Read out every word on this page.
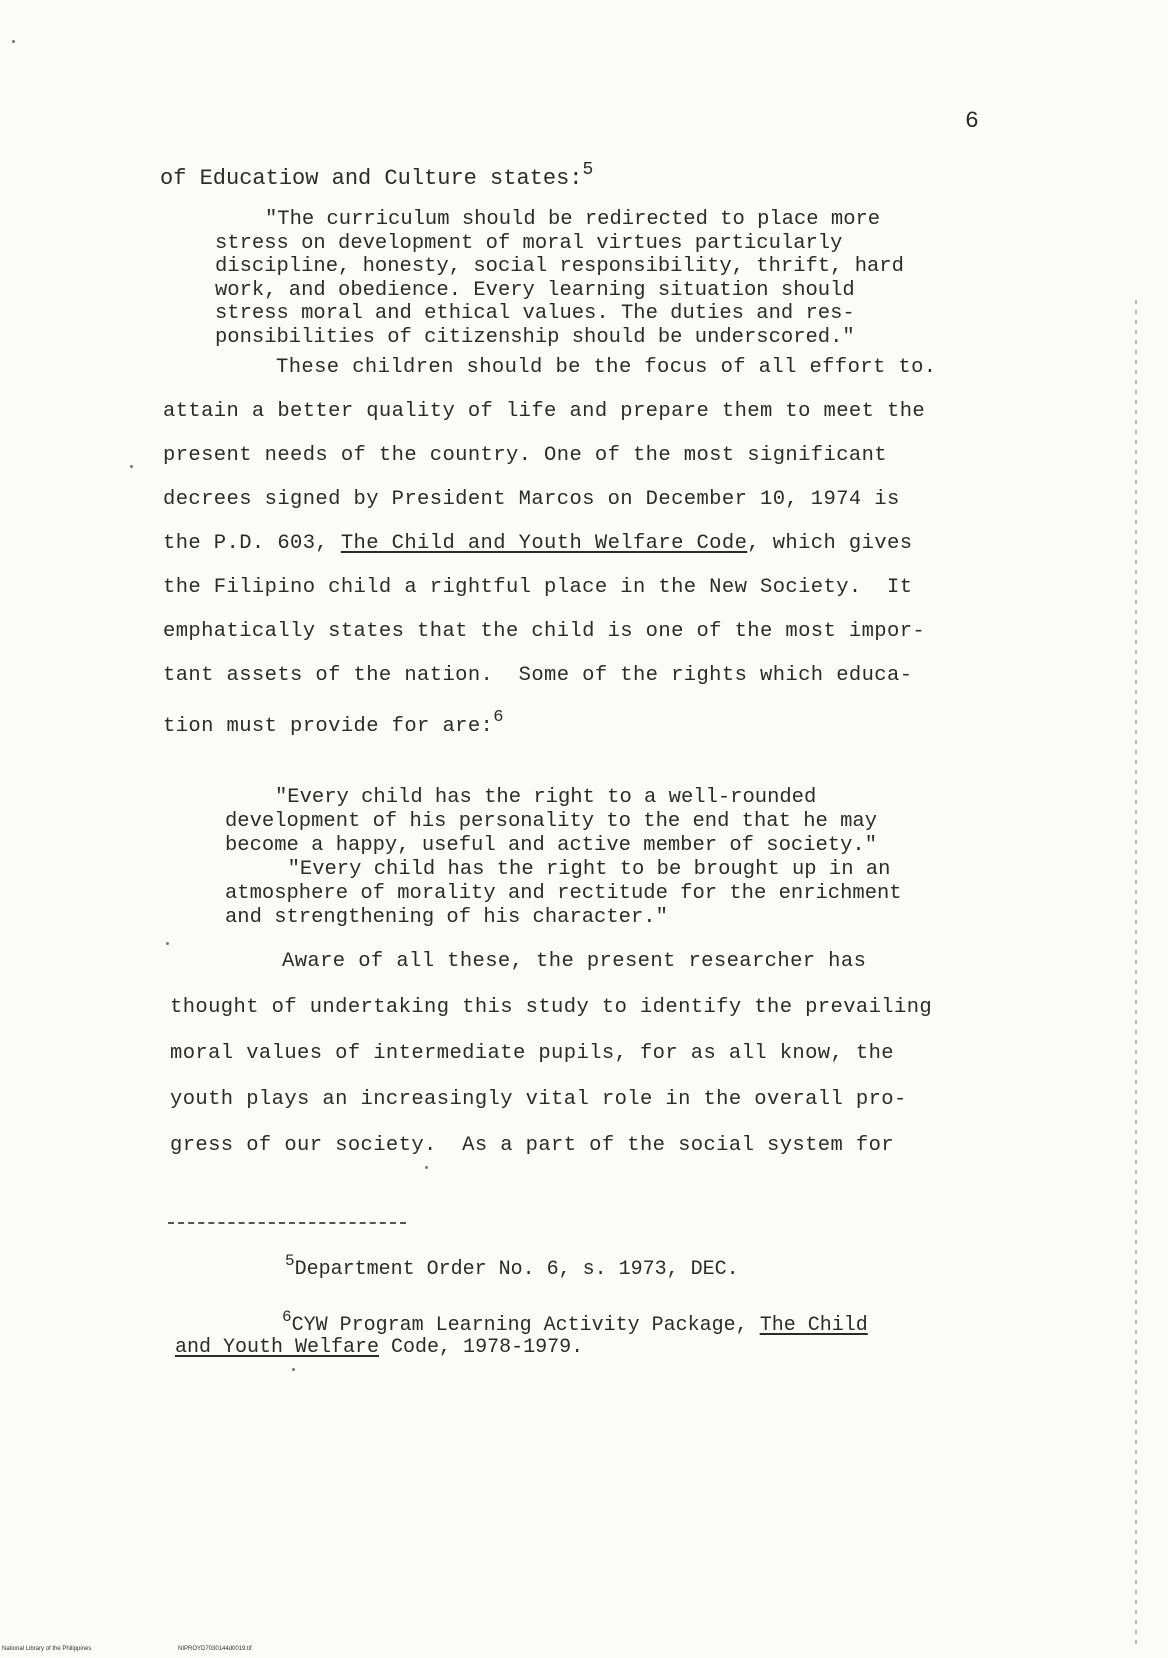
6
of Educatiow and Culture states:$^5$
"The curriculum should be redirected to place more
stress on development of moral virtues particularly
discipline, honesty, social responsibility, thrift, hard
work, and obedience. Every learning situation should
stress moral and ethical values. The duties and res-
ponsibilities of citizenship should be underscored."
These children should be the focus of all effort to.
attain a better quality of life and prepare them to meet the
present needs of the country. One of the most significant
decrees signed by President Marcos on December 10, 1974 is
the P.D. 603, The Child and Youth Welfare Code, which gives
the Filipino child a rightful place in the New Society.  It
emphatically states that the child is one of the most impor-
tant assets of the nation.  Some of the rights which educa-
tion must provide for are:$^6$
"Every child has the right to a well-rounded
development of his personality to the end that he may
become a happy, useful and active member of society."
"Every child has the right to be brought up in an
atmosphere of morality and rectitude for the enrichment
and strengthening of his character."
Aware of all these, the present researcher has
thought of undertaking this study to identify the prevailing
moral values of intermediate pupils, for as all know, the
youth plays an increasingly vital role in the overall pro-
gress of our society.  As a part of the social system for
$^5$Department Order No. 6, s. 1973, DEC.
$^6$CYW Program Learning Activity Package, The Child
and Youth Welfare Code, 1978-1979.
National Library of the Philippines	NIPROYD7030144d0019.tif
